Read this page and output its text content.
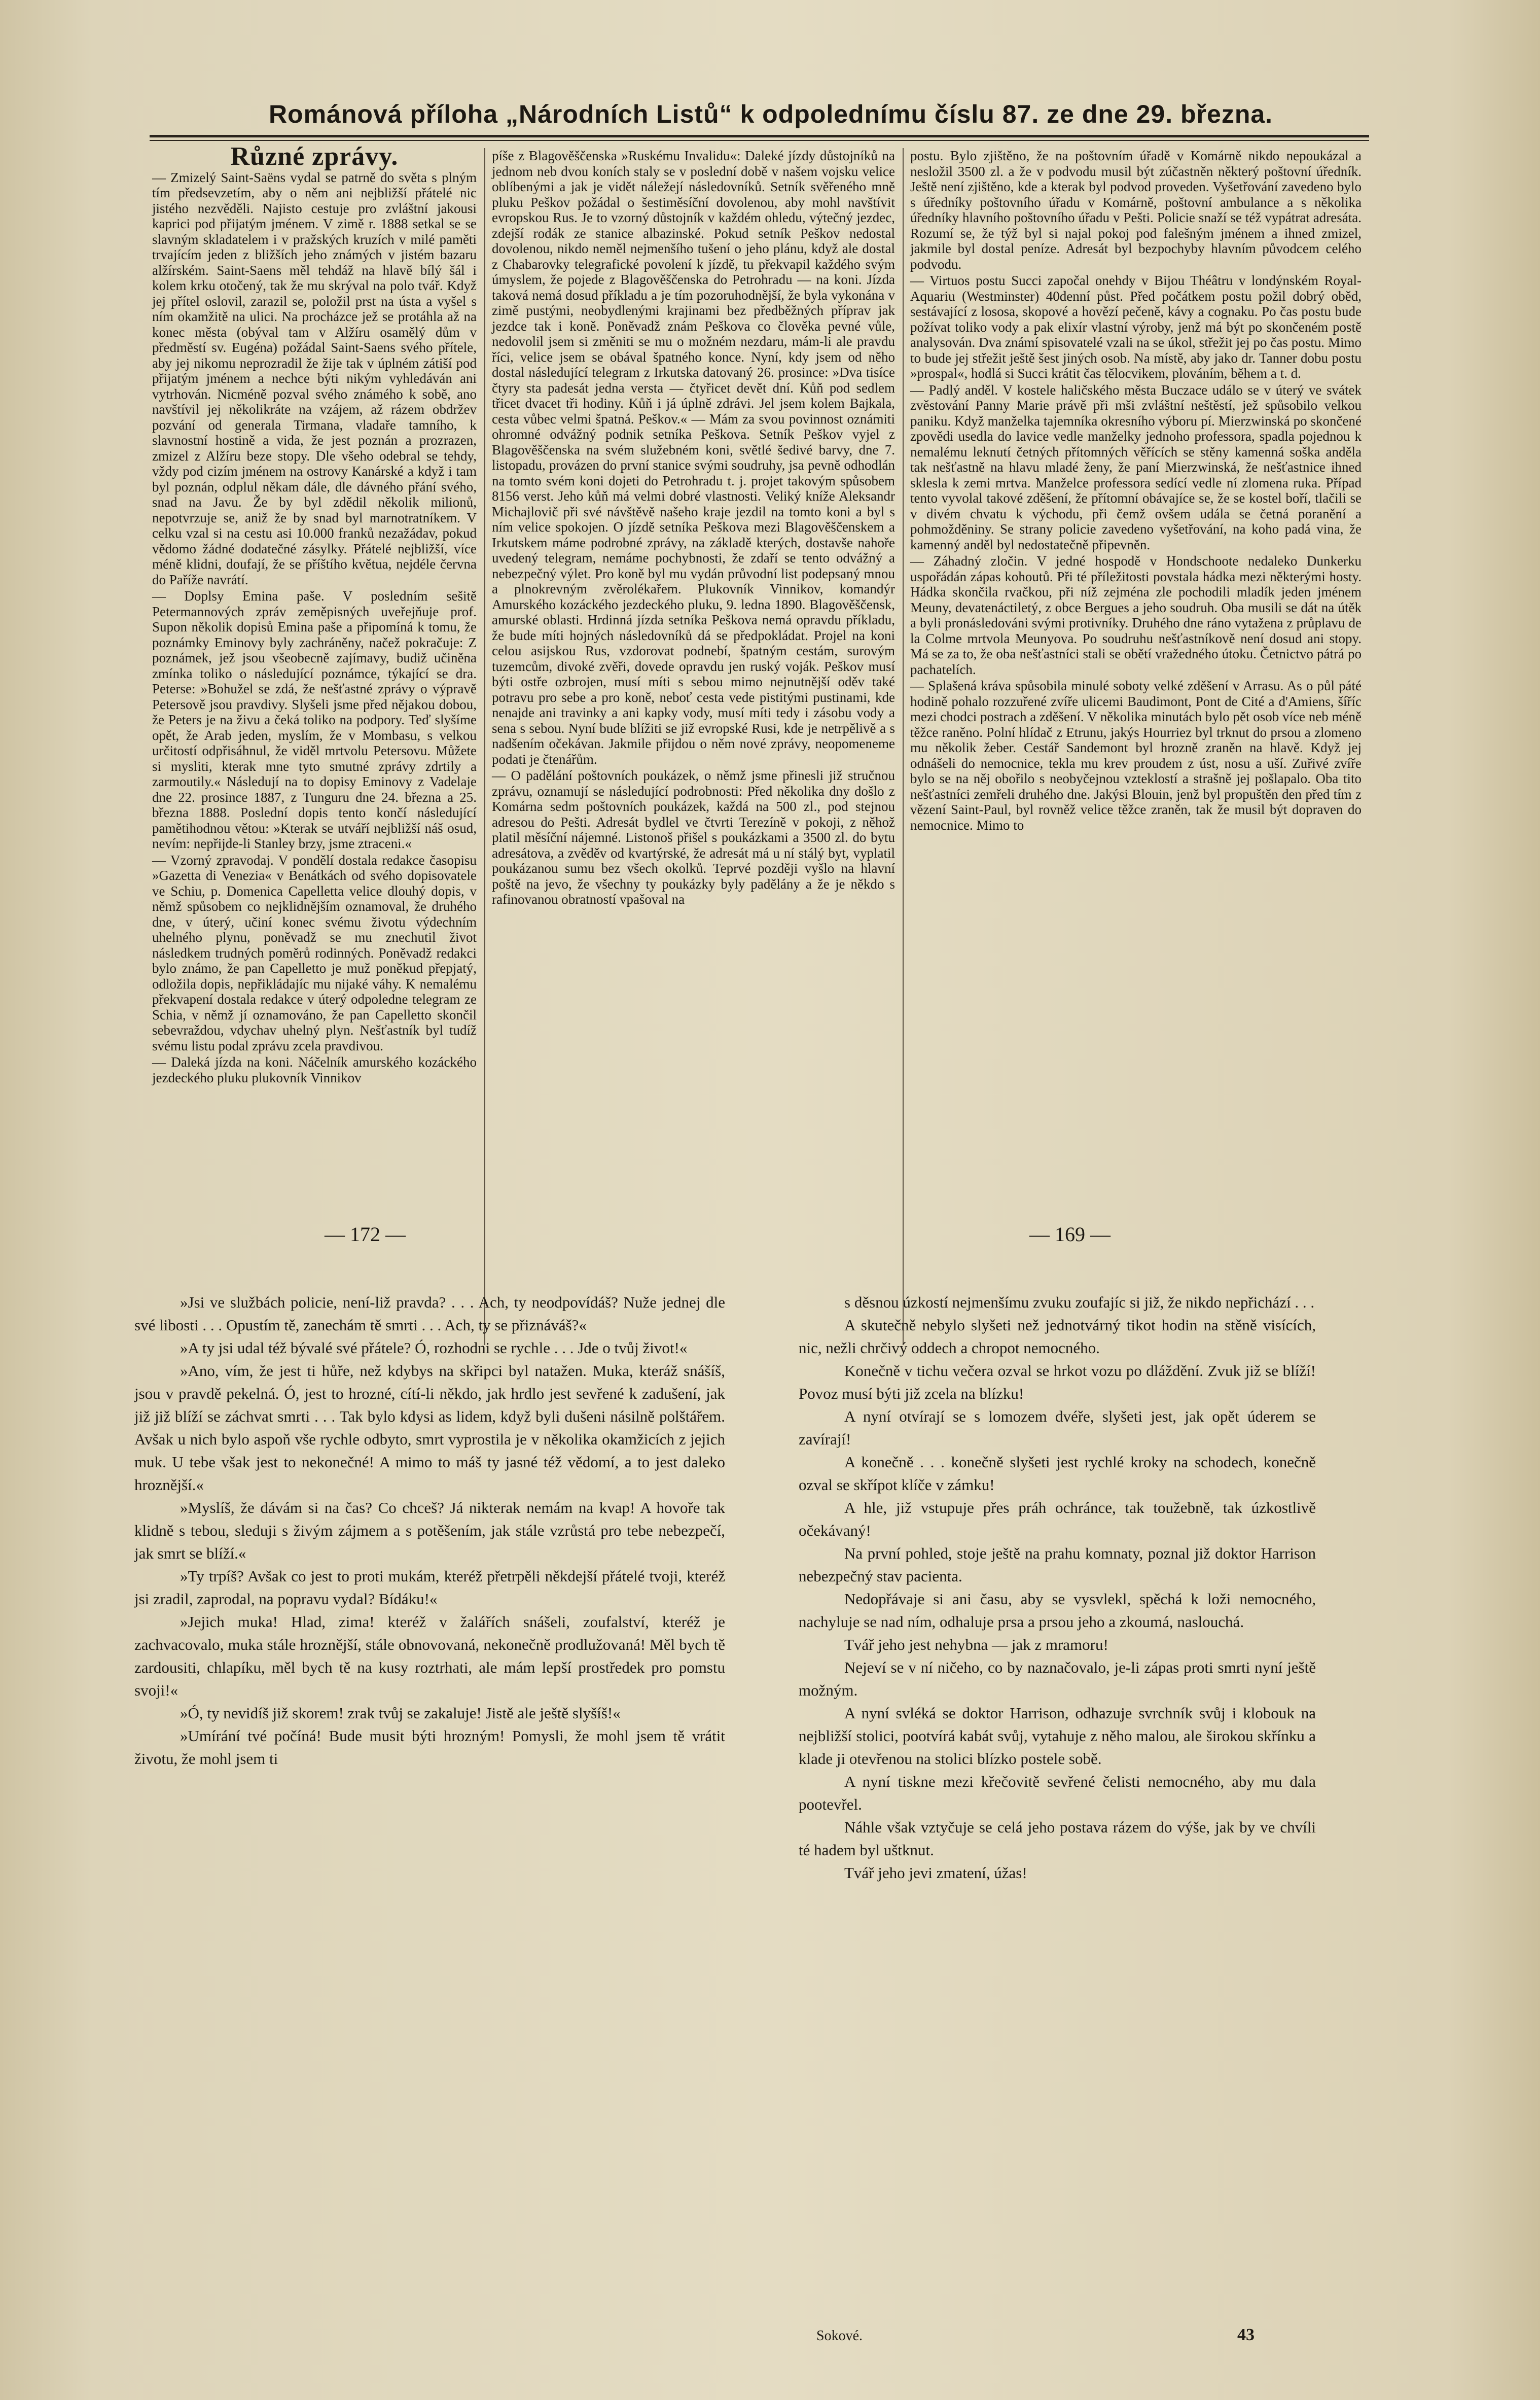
Románová příloha „Národních Listů“ k odpolednímu číslu 87. ze dne 29. března.
Různé zprávy.

— Zmizelý Saint-Saëns vydal se patrně do světa s plným tím předsevzetím, aby o něm ani nejbližší přátelé nic jistého nezvěděli. Najisto cestuje pro zvláštní jakousi kaprici pod přijatým jménem. V zimě r. 1888 setkal se se slavným skladatelem i v pražských kruzích v milé paměti trvajícím jeden z bližších jeho známých v jistém bazaru alžírském. Saint-Saens měl tehdáž na hlavě bílý šál i kolem krku otočený, tak že mu skrýval na polo tvář. Když jej přítel oslovil, zarazil se, položil prst na ústa a vyšel s ním okamžitě na ulici. Na procházce jež se protáhla až na konec města (obýval tam v Alžíru osamělý dům v předměstí sv. Eugéna) požádal Saint-Saens svého přítele, aby jej nikomu neprozradil že žije tak v úplném zátiší pod přijatým jménem a nechce býti nikým vyhledáván ani vytrhován. Nicméně pozval svého známého k sobě, ano navštívil jej několikráte na vzájem, až rázem obdržev pozvání od generala Tirmana, vladaře tamního, k slavnostní hostině a vida, že jest poznán a prozrazen, zmizel z Alžíru beze stopy. Dle všeho odebral se tehdy, vždy pod cizím jménem na ostrovy Kanárské a když i tam byl poznán, odplul někam dále, dle dávného přání svého, snad na Javu. Že by byl zdědil několik milionů, nepotvrzuje se, aniž že by snad byl marnotratníkem. V celku vzal si na cestu asi 10.000 franků nezažádav, pokud vědomo žádné dodatečné zásylky. Přátelé nejbližší, více méně klidni, doufají, že se příštího květua, nejdéle června do Paříže navrátí.

— Doplsy Emina paše. V posledním sešitě Petermannových zpráv zeměpisných uveřejňuje prof. Supon několik dopisů Emina paše a připomíná k tomu, že poznámky Eminovy byly zachráněny, načež pokračuje: Z poznámek, jež jsou všeobecně zajímavy, budiž učiněna zmínka toliko o následující poznámce, týkající se dra. Peterse: »Bohužel se zdá, že nešťastné zprávy o výpravě Petersově jsou pravdivy. Slyšeli jsme před nějakou dobou, že Peters je na živu a čeká toliko na podpory. Teď slyšíme opět, že Arab jeden, myslím, že v Mombasu, s velkou určitostí odpřisáhnul, že viděl mrtvolu Petersovu. Můžete si mysliti, kterak mne tyto smutné zprávy zdrtily a zarmoutily.« Následují na to dopisy Eminovy z Vadelaje dne 22. prosince 1887, z Tunguru dne 24. března a 25. března 1888. Poslední dopis tento končí následující pamětihodnou větou: »Kterak se utváří nejbližší náš osud, nevím: nepřijde-li Stanley brzy, jsme ztraceni.«

— Vzorný zpravodaj. V pondělí dostala redakce časopisu »Gazetta di Venezia« v Benátkách od svého dopisovatele ve Schiu, p. Domenica Capelletta velice dlouhý dopis, v němž spůsobem co nejklidnějším oznamoval, že druhého dne, v úterý, učiní konec svému životu výdechním uhelného plynu, poněvadž se mu znechutil život následkem trudných poměrů rodinných. Poněvadž redakci bylo známo, že pan Capelletto je muž poněkud přepjatý, odložila dopis, nepřikládajíc mu nijaké váhy. K nemalému překvapení dostala redakce v úterý odpoledne telegram ze Schia, v němž jí oznamováno, že pan Capelletto skončil sebevraždou, vdychav uhelný plyn. Nešťastník byl tudíž svému listu podal zprávu zcela pravdivou.

— Daleká jízda na koni. Náčelník amurského kozáckého jezdeckého pluku plukovník Vinnikov

píše z Blagověščenska »Ruskému Invalidu«: Daleké jízdy důstojníků na jednom neb dvou koních staly se v poslední době v našem vojsku velice oblíbenými a jak je vidět náležejí následovníků. Setník svěřeného mně pluku Peškov požádal o šestiměsíční dovolenou, aby mohl navštívit evropskou Rus. Je to vzorný důstojník v každém ohledu, výtečný jezdec, zdejší rodák ze stanice albazinské. Pokud setník Peškov nedostal dovolenou, nikdo neměl nejmenšího tušení o jeho plánu, když ale dostal z Chabarovky telegrafické povolení k jízdě, tu překvapil každého svým úmyslem, že pojede z Blagověščenska do Petrohradu — na koni. Jízda taková nemá dosud příkladu a je tím pozoruhodnější, že byla vykonána v zimě pustými, neobydlenými krajinami bez předběžných příprav jak jezdce tak i koně. Poněvadž znám Peškova co člověka pevné vůle, nedovolil jsem si změniti se mu o možném nezdaru, mám-li ale pravdu říci, velice jsem se obával špatného konce. Nyní, kdy jsem od něho dostal následující telegram z Irkutska datovaný 26. prosince: »Dva tisíce čtyry sta padesát jedna versta — čtyřicet devět dní. Kůň pod sedlem třicet dvacet tři hodiny. Kůň i já úplně zdrávi. Jel jsem kolem Bajkala, cesta vůbec velmi špatná. Peškov.« — Mám za svou povinnost oznámiti ohromné odvážný podnik setníka Peškova. Setník Peškov vyjel z Blagověščenska na svém služebném koni, světlé šedivé barvy, dne 7. listopadu, provázen do první stanice svými soudruhy, jsa pevně odhodlán na tomto svém koni dojeti do Petrohradu t. j. projet takovým spůsobem 8156 verst. Jeho kůň má velmi dobré vlastnosti. Veliký kníže Aleksandr Michajlovič při své návštěvě našeho kraje jezdil na tomto koni a byl s ním velice spokojen. O jízdě setníka Peškova mezi Blagověščenskem a Irkutskem máme podrobné zprávy, na základě kterých, dostavše nahoře uvedený telegram, nemáme pochybnosti, že zdaří se tento odvážný a nebezpečný výlet. Pro koně byl mu vydán průvodní list podepsaný mnou a plnokrevným zvěrolékařem. Plukovník Vinnikov, komandýr Amurského kozáckého jezdeckého pluku, 9. ledna 1890. Blagověščensk, amurské oblasti. Hrdinná jízda setníka Peškova nemá opravdu příkladu, že bude míti hojných následovníků dá se předpokládat. Projel na koni celou asijskou Rus, vzdorovat podnebí, špatným cestám, surovým tuzemcům, divoké zvěři, dovede opravdu jen ruský voják. Peškov musí býti ostře ozbrojen, musí míti s sebou mimo nejnutnější oděv také potravu pro sebe a pro koně, neboť cesta vede pistitými pustinami, kde nenajde ani travinky a ani kapky vody, musí míti tedy i zásobu vody a sena s sebou. Nyní bude blížiti se již evropské Rusi, kde je netrpělivě a s nadšením očekávan. Jakmile přijdou o něm nové zprávy, neopomeneme podati je čtenářům.

— O padělání poštovních poukázek, o němž jsme přinesli již stručnou zprávu, oznamují se následující podrobnosti: Před několika dny došlo z Komárna sedm poštovních poukázek, každá na 500 zl., pod stejnou adresou do Pešti. Adresát bydlel ve čtvrti Terezíně v pokoji, z něhož platil měsíční nájemné. Listonoš přišel s poukázkami a 3500 zl. do bytu adresátova, a zvěděv od kvartýrské, že adresát má u ní stálý byt, vyplatil poukázanou sumu bez všech okolků. Teprvé později vyšlo na hlavní poště na jevo, že všechny ty poukázky byly padělány a že je někdo s rafinovanou obratností vpašoval na

postu. Bylo zjištěno, že na poštovním úřadě v Komárně nikdo nepoukázal a nesložil 3500 zl. a že v podvodu musil být zúčastněn některý poštovní úředník. Ještě není zjištěno, kde a kterak byl podvod proveden. Vyšetřování zavedeno bylo s úředníky poštovního úřadu v Komárně, poštovní ambulance a s několika úředníky hlavního poštovního úřadu v Pešti. Policie snaží se též vypátrat adresáta. Rozumí se, že týž byl si najal pokoj pod falešným jménem a ihned zmizel, jakmile byl dostal peníze. Adresát byl bezpochyby hlavním původcem celého podvodu.

— Virtuos postu Succi započal onehdy v Bijou Théâtru v londýnském Royal-Aquariu (Westminster) 40denní půst. Před počátkem postu požil dobrý oběd, sestávající z lososa, skopové a hovězí pečeně, kávy a cognaku. Po čas postu bude požívat toliko vody a pak elixír vlastní výroby, jenž má být po skončeném postě analysován. Dva známí spisovatelé vzali na se úkol, střežit jej po čas postu. Mimo to bude jej střežit ještě šest jiných osob. Na místě, aby jako dr. Tanner dobu postu »prospal«, hodlá si Succi krátit čas tělocvikem, plováním, během a t. d.

— Padlý anděl. V kostele haličského města Buczace událo se v úterý ve svátek zvěstování Panny Marie právě při mši zvláštní neštěstí, jež spůsobilo velkou paniku. Když manželka tajemníka okresního výboru pí. Mierzwinská po skončené zpovědi usedla do lavice vedle manželky jednoho professora, spadla pojednou k nemalému leknutí četných přítomných věřících se stěny kamenná soška anděla tak nešťastně na hlavu mladé ženy, že paní Mierzwinská, že nešťastnice ihned sklesla k zemi mrtva. Manželce professora sedící vedle ní zlomena ruka. Případ tento vyvolal takové zděšení, že přítomní obávajíce se, že se kostel boří, tlačili se v divém chvatu k východu, při čemž ovšem udála se četná poranění a pohmožděniny. Se strany policie zavedeno vyšetřování, na koho padá vina, že kamenný anděl byl nedostatečně připevněn.

— Záhadný zločin. V jedné hospodě v Hondschoote nedaleko Dunkerku uspořádán zápas kohoutů. Při té příležitosti povstala hádka mezi některými hosty. Hádka skončila rvačkou, při níž zejména zle pochodili mladík jeden jménem Meuny, devatenáctiletý, z obce Bergues a jeho soudruh. Oba musili se dát na útěk a byli pronásledováni svými protivníky. Druhého dne ráno vytažena z průplavu de la Colme mrtvola Meunyova. Po soudruhu nešťastníkově není dosud ani stopy. Má se za to, že oba nešťastníci stali se obětí vražedného útoku. Četnictvo pátrá po pachatelích.

— Splašená kráva spůsobila minulé soboty velké zděšení v Arrasu. As o půl páté hodině pohalo rozzuřené zvíře ulicemi Baudimont, Pont de Cité a d'Amiens, šíříc mezi chodci postrach a zděšení. V několika minutách bylo pět osob více neb méně těžce raněno. Polní hlídač z Etrunu, jakýs Hourriez byl trknut do prsou a zlomeno mu několik žeber. Cestář Sandemont byl hrozně zraněn na hlavě. Když jej odnášeli do nemocnice, tekla mu krev proudem z úst, nosu a uší. Zuřivé zvíře bylo se na něj obořilo s neobyčejnou vzteklostí a strašně jej pošlapalo. Oba tito nešťastníci zemřeli druhého dne. Jakýsi Blouin, jenž byl propuštěn den před tím z vězení Saint-Paul, byl rovněž velice těžce zraněn, tak že musil být dopraven do nemocnice. Mimo to

— 172 —	— 169 —

»Jsi ve službách policie, není-liž pravda? . . . Ach, ty neodpovídáš? Nuže jednej dle své libosti . . . Opustím tě, zanechám tě smrti . . . Ach, ty se přiznáváš?«

»A ty jsi udal též bývalé své přátele? Ó, rozhodni se rychle . . . Jde o tvůj život!«

»Ano, vím, že jest ti hůře, než kdybys na skřipci byl natažen. Muka, kteráž snášíš, jsou v pravdě pekelná. Ó, jest to hrozné, cítí-li někdo, jak hrdlo jest sevřené k zadušení, jak již již blíží se záchvat smrti . . . Tak bylo kdysi as lidem, když byli dušeni násilně polštářem. Avšak u nich bylo aspoň vše rychle odbyto, smrt vyprostila je v několika okamžicích z jejich muk. U tebe však jest to nekonečné! A mimo to máš ty jasné též vědomí, a to jest daleko hroznější.«

»Myslíš, že dávám si na čas? Co chceš? Já nikterak nemám na kvap! A hovoře tak klidně s tebou, sleduji s živým zájmem a s potěšením, jak stále vzrůstá pro tebe nebezpečí, jak smrt se blíží.«

»Ty trpíš? Avšak co jest to proti mukám, kteréž přetrpěli někdejší přátelé tvoji, kteréž jsi zradil, zaprodal, na popravu vydal? Bídáku!«

»Jejich muka! Hlad, zima! kteréž v žalářích snášeli, zoufalství, kteréž je zachvacovalo, muka stále hroznější, stále obnovovaná, nekonečně prodlužovaná! Měl bych tě zardousiti, chlapíku, měl bych tě na kusy roztrhati, ale mám lepší prostředek pro pomstu svoji!«

»Ó, ty nevidíš již skorem! zrak tvůj se zakaluje! Jistě ale ještě slyšíš!«

»Umírání tvé počíná! Bude musit býti hrozným! Pomysli, že mohl jsem tě vrátit životu, že mohl jsem ti

s děsnou úzkostí nejmenšímu zvuku zoufajíc si již, že nikdo nepřichází . . .

A skutečně nebylo slyšeti než jednotvárný tikot hodin na stěně visících, nic, nežli chrčivý oddech a chropot nemocného.

Konečně v tichu večera ozval se hrkot vozu po dláždění. Zvuk již se blíží! Povoz musí býti již zcela na blízku!

A nyní otvírají se s lomozem dvéře, slyšeti jest, jak opět úderem se zavírají!

A konečně . . . konečně slyšeti jest rychlé kroky na schodech, konečně ozval se skřípot klíče v zámku!

A hle, již vstupuje přes práh ochránce, tak toužebně, tak úzkostlivě očekávaný!

Na první pohled, stoje ještě na prahu komnaty, poznal již doktor Harrison nebezpečný stav pacienta.

Nedopřávaje si ani času, aby se vysvlekl, spěchá k loži nemocného, nachyluje se nad ním, odhaluje prsa a prsou jeho a zkoumá, naslouchá.

Tvář jeho jest nehybna — jak z mramoru!

Nejeví se v ní ničeho, co by naznačovalo, je-li zápas proti smrti nyní ještě možným.

A nyní svléká se doktor Harrison, odhazuje svrchník svůj i klobouk na nejbližší stolici, pootvírá kabát svůj, vytahuje z něho malou, ale širokou skřínku a klade ji otevřenou na stolici blízko postele sobě.

A nyní tiskne mezi křečovitě sevřené čelisti nemocného, aby mu dala pootevřel.

Náhle však vztyčuje se celá jeho postava rázem do výše, jak by ve chvíli té hadem byl uštknut.

Tvář jeho jevi zmatení, úžas!

Sokové.	43
